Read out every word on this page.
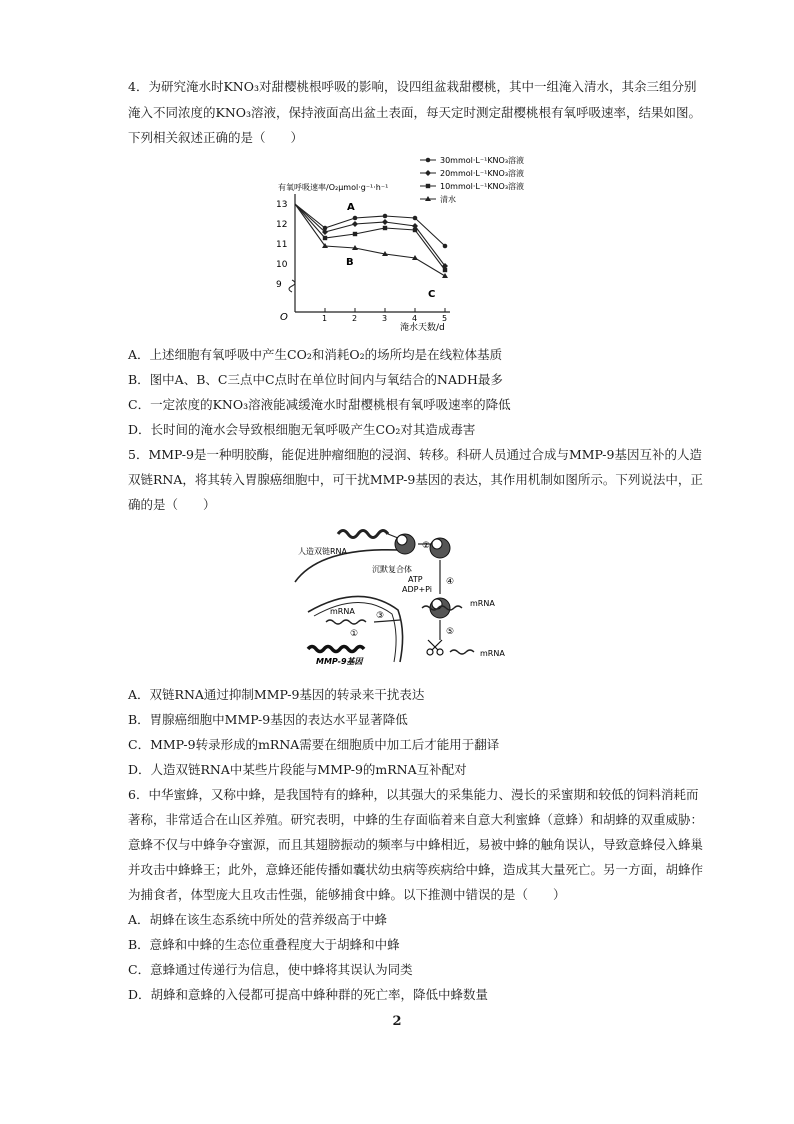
4．为研究淹水时KNO₃对甜樱桃根呼吸的影响，设四组盆栽甜樱桃，其中一组淹入清水，其余三组分别
淹入不同浓度的KNO₃溶液，保持液面高出盆土表面，每天定时测定甜樱桃根有氧呼吸速率，结果如图。
下列相关叙述正确的是（　　）
有氧呼吸速率/O₂μmol·g⁻¹·h⁻¹
O
13
12
11
10
9
1	2	3	4	5
淹水天数/d
30mmol·L⁻¹KNO₃溶液
20mmol·L⁻¹KNO₃溶液
10mmol·L⁻¹KNO₃溶液
清水
A
B
C
A．上述细胞有氧呼吸中产生CO₂和消耗O₂的场所均是在线粒体基质
B．图中A、B、C三点中C点时在单位时间内与氧结合的NADH最多
C．一定浓度的KNO₃溶液能减缓淹水时甜樱桃根有氧呼吸速率的降低
D．长时间的淹水会导致根细胞无氧呼吸产生CO₂对其造成毒害
5．MMP-9是一种明胶酶，能促进肿瘤细胞的浸润、转移。科研人员通过合成与MMP-9基因互补的人造
双链RNA，将其转入胃腺癌细胞中，可干扰MMP-9基因的表达，其作用机制如图所示。下列说法中，正
确的是（　　）
人造双链RNA
沉默复合体
②
ATP
ADP+Pi
④
mRNA
⑤
mRNA
mRNA ③
①
MMP-9基因
A．双链RNA通过抑制MMP-9基因的转录来干扰表达
B．胃腺癌细胞中MMP-9基因的表达水平显著降低
C．MMP-9转录形成的mRNA需要在细胞质中加工后才能用于翻译
D．人造双链RNA中某些片段能与MMP-9的mRNA互补配对
6．中华蜜蜂，又称中蜂，是我国特有的蜂种，以其强大的采集能力、漫长的采蜜期和较低的饲料消耗而
著称，非常适合在山区养殖。研究表明，中蜂的生存面临着来自意大利蜜蜂（意蜂）和胡蜂的双重威胁：
意蜂不仅与中蜂争夺蜜源，而且其翅膀振动的频率与中蜂相近，易被中蜂的触角误认，导致意蜂侵入蜂巢
并攻击中蜂蜂王；此外，意蜂还能传播如囊状幼虫病等疾病给中蜂，造成其大量死亡。另一方面，胡蜂作
为捕食者，体型庞大且攻击性强，能够捕食中蜂。以下推测中错误的是（　　）
A．胡蜂在该生态系统中所处的营养级高于中蜂
B．意蜂和中蜂的生态位重叠程度大于胡蜂和中蜂
C．意蜂通过传递行为信息，使中蜂将其误认为同类
D．胡蜂和意蜂的入侵都可提高中蜂种群的死亡率，降低中蜂数量
2
